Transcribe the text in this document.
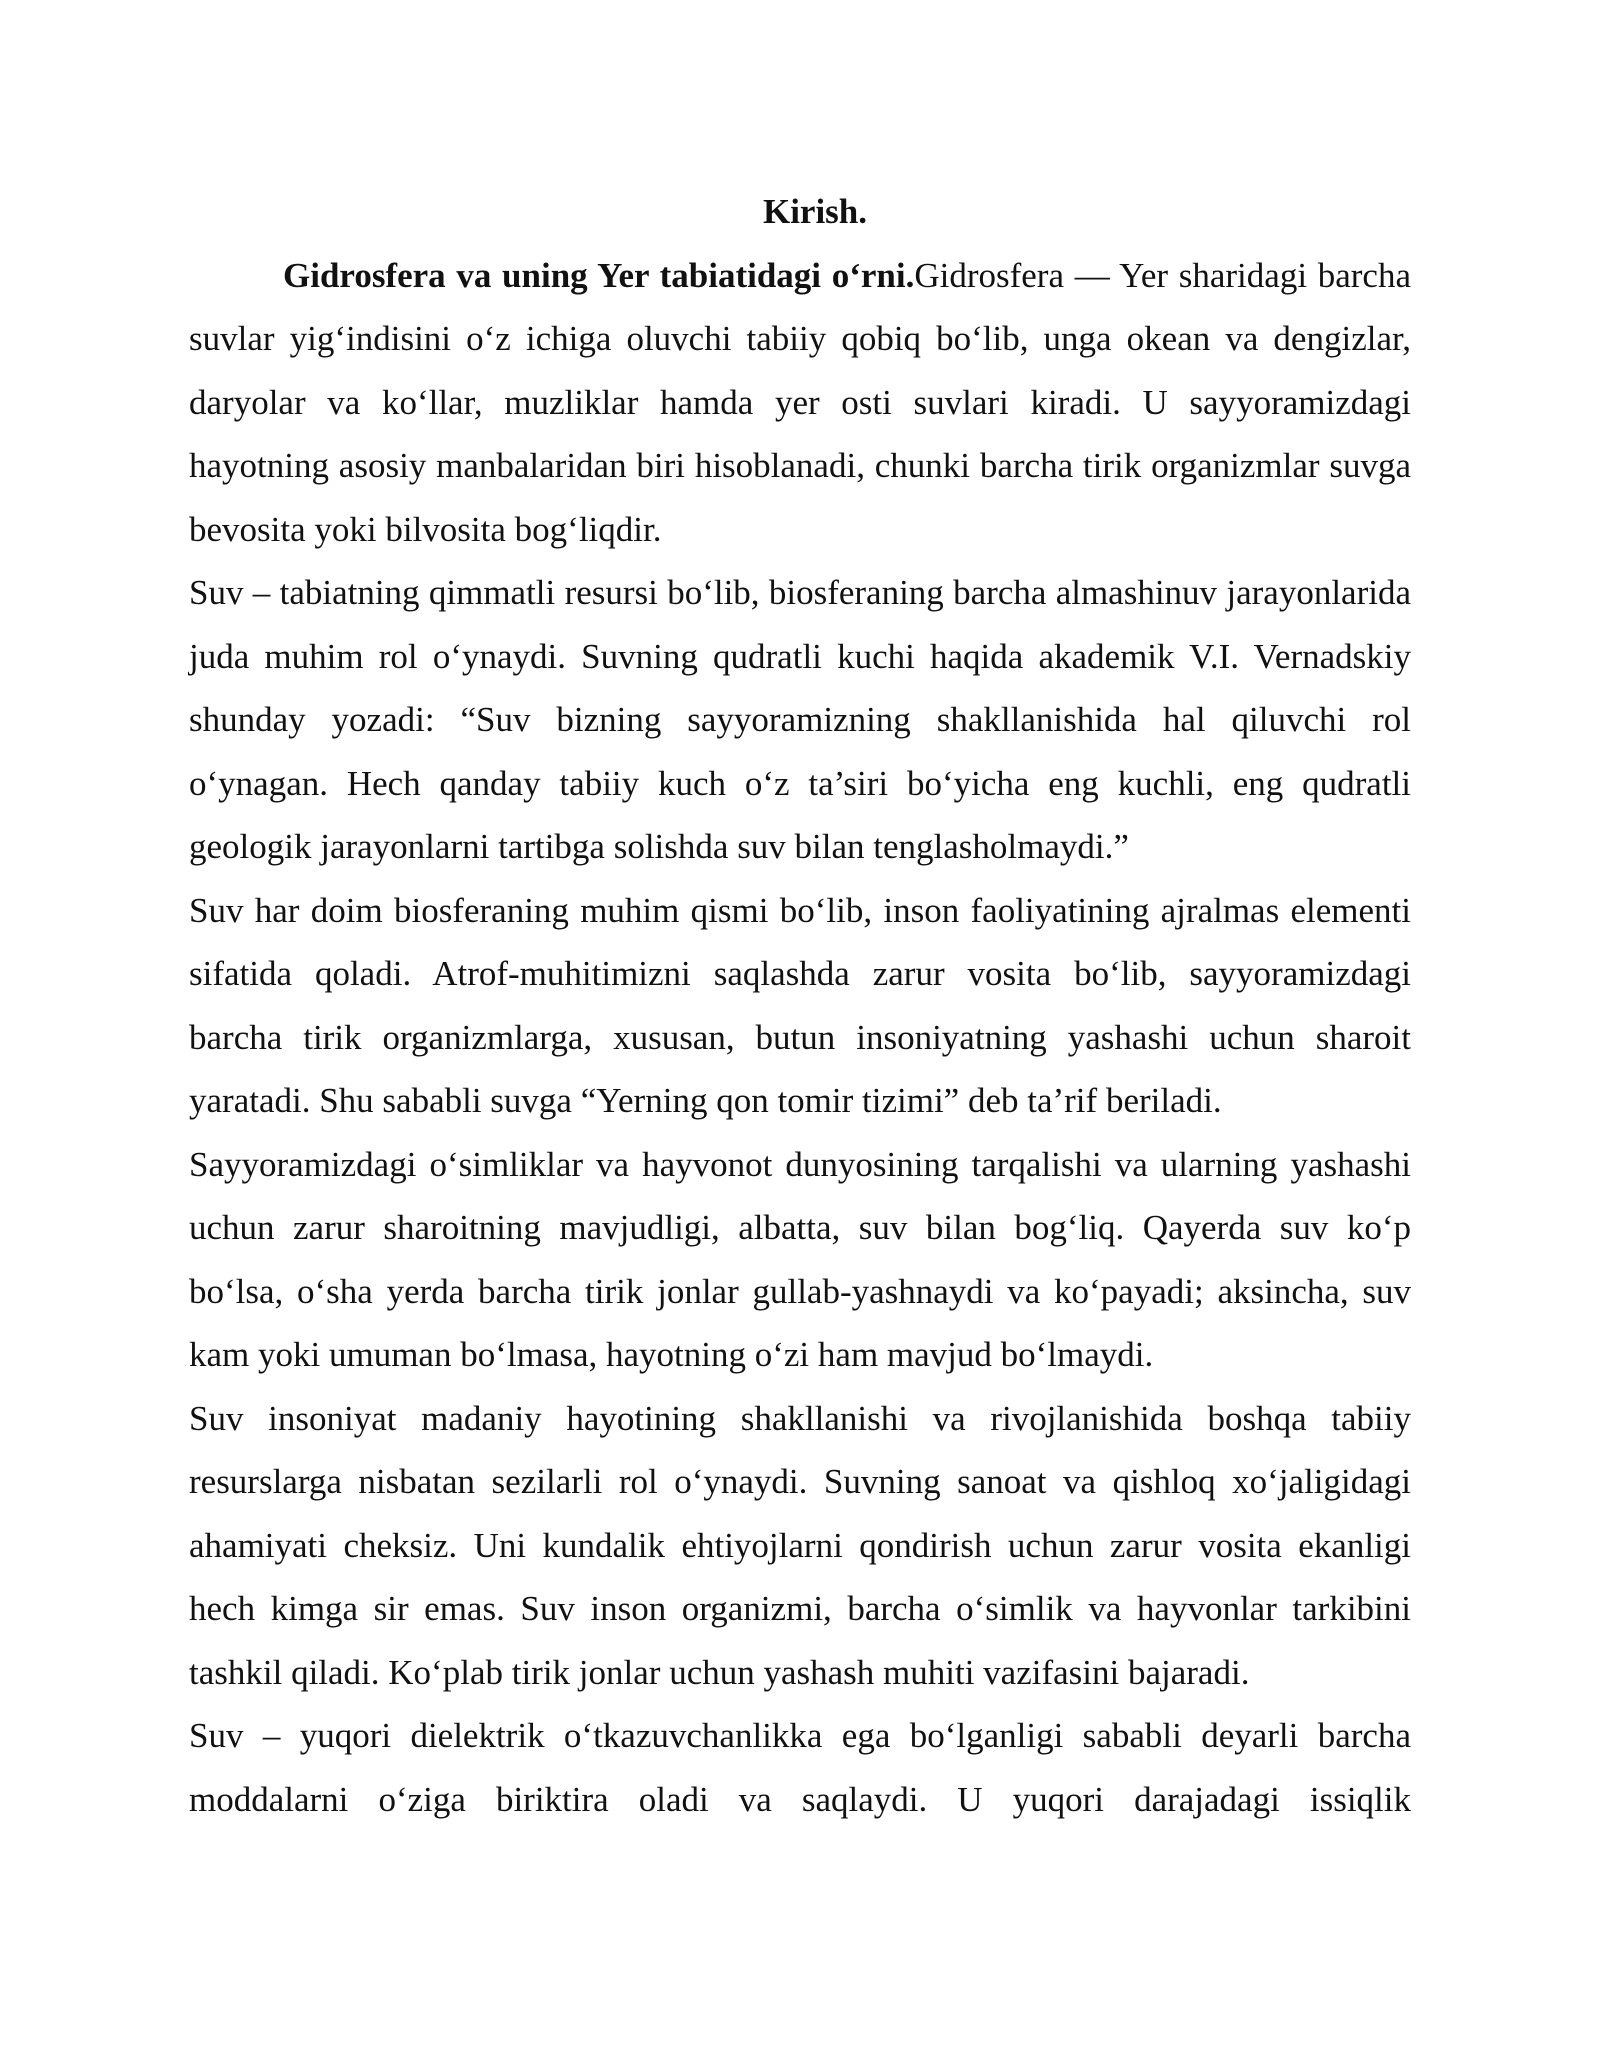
Kirish.

Gidrosfera va uning Yer tabiatidagi o‘rni.Gidrosfera — Yer sharidagi barcha suvlar yig‘indisini o‘z ichiga oluvchi tabiiy qobiq bo‘lib, unga okean va dengizlar, daryolar va ko‘llar, muzliklar hamda yer osti suvlari kiradi. U sayyoramizdagi hayotning asosiy manbalaridan biri hisoblanadi, chunki barcha tirik organizmlar suvga bevosita yoki bilvosita bog‘liqdir.

Suv – tabiatning qimmatli resursi bo‘lib, biosferaning barcha almashinuv jarayonlarida juda muhim rol o‘ynaydi. Suvning qudratli kuchi haqida akademik V.I. Vernadskiy shunday yozadi: “Suv bizning sayyoramizning shakllanishida hal qiluvchi rol o‘ynagan. Hech qanday tabiiy kuch o‘z ta’siri bo‘yicha eng kuchli, eng qudratli geologik jarayonlarni tartibga solishda suv bilan tenglasholmaydi.”

Suv har doim biosferaning muhim qismi bo‘lib, inson faoliyatining ajralmas elementi sifatida qoladi. Atrof-muhitimizni saqlashda zarur vosita bo‘lib, sayyoramizdagi barcha tirik organizmlarga, xususan, butun insoniyatning yashashi uchun sharoit yaratadi. Shu sababli suvga “Yerning qon tomir tizimi” deb ta’rif beriladi.

Sayyoramizdagi o‘simliklar va hayvonot dunyosining tarqalishi va ularning yashashi uchun zarur sharoitning mavjudligi, albatta, suv bilan bog‘liq. Qayerda suv ko‘p bo‘lsa, o‘sha yerda barcha tirik jonlar gullab-yashnaydi va ko‘payadi; aksincha, suv kam yoki umuman bo‘lmasa, hayotning o‘zi ham mavjud bo‘lmaydi.

Suv insoniyat madaniy hayotining shakllanishi va rivojlanishida boshqa tabiiy resurslarga nisbatan sezilarli rol o‘ynaydi. Suvning sanoat va qishloq xo‘jaligidagi ahamiyati cheksiz. Uni kundalik ehtiyojlarni qondirish uchun zarur vosita ekanligi hech kimga sir emas. Suv inson organizmi, barcha o‘simlik va hayvonlar tarkibini tashkil qiladi. Ko‘plab tirik jonlar uchun yashash muhiti vazifasini bajaradi.

Suv – yuqori dielektrik o‘tkazuvchanlikka ega bo‘lganligi sababli deyarli barcha moddalarni o‘ziga biriktira oladi va saqlaydi. U yuqori darajadagi issiqlik
